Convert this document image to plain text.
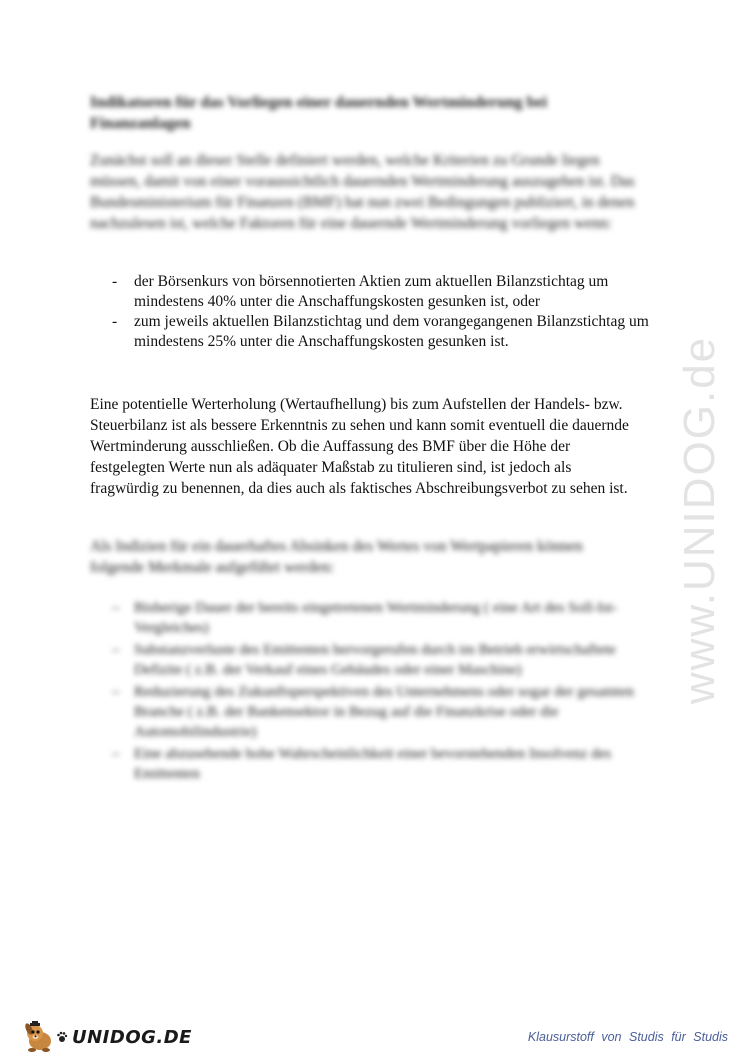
Indikatoren für das Vorliegen einer dauernden Wertminderung bei Finanzanlagen
Zunächst soll an dieser Stelle definiert werden, welche Kriterien zu Grunde liegen müssen, damit von einer voraussichtlich dauernden Wertminderung auszugehen ist. Das Bundesministerium für Finanzen (BMF) hat nun zwei Bedingungen publiziert, in denen nachzulesen ist, welche Faktoren für eine dauernde Wertminderung vorliegen wenn:
- der Börsenkurs von börsennotierten Aktien zum aktuellen Bilanzstichtag um mindestens 40% unter die Anschaffungskosten gesunken ist, oder
- zum jeweils aktuellen Bilanzstichtag und dem vorangegangenen Bilanzstichtag um mindestens 25% unter die Anschaffungskosten gesunken ist.
Eine potentielle Werterholung (Wertaufhellung) bis zum Aufstellen der Handels- bzw. Steuerbilanz ist als bessere Erkenntnis zu sehen und kann somit eventuell die dauernde Wertminderung ausschließen. Ob die Auffassung des BMF über die Höhe der festgelegten Werte nun als adäquater Maßstab zu titulieren sind, ist jedoch als fragwürdig zu benennen, da dies auch als faktisches Abschreibungsverbot zu sehen ist.
Als Indizien für ein dauerhaftes Absinken des Wertes von Wertpapieren können folgende Merkmale aufgeführt werden:
– Bisherige Dauer der bereits eingetretenen Wertminderung ( eine Art des Soll-Ist-Vergleiches)
– Substanzverluste des Emittenten hervorgerufen durch im Betrieb erwirtschaftete Defizite ( z.B. der Verkauf eines Gebäudes oder einer Maschine)
– Reduzierung des Zukunftsperspektiven des Unternehmens oder sogar der gesamten Branche ( z.B. der Bankensektor in Bezug auf die Finanzkrise oder die Automobilindustrie)
– Eine abzusehende hohe Wahrscheinlichkeit einer bevorstehenden Insolvenz des Emittenten
www.UNIDOG.de
UNIDOG.DE	Klausurstoff von Studis für Studis
